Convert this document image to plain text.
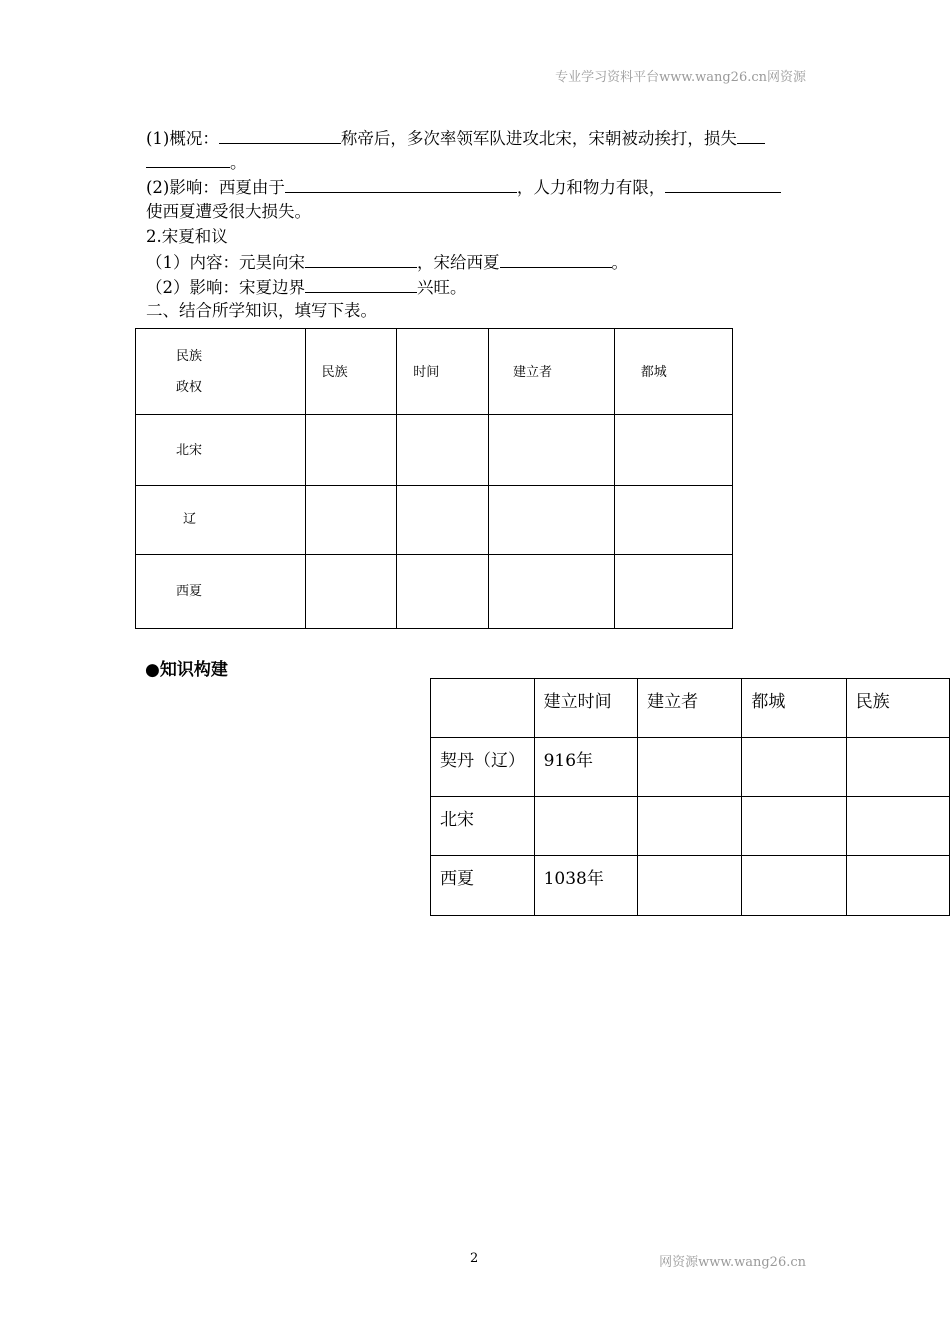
专业学习资料平台www.wang26.cn网资源
(1)概况：	称帝后，多次率领军队进攻北宋，宋朝被动挨打，损失
。
(2)影响：西夏由于	，人力和物力有限，
使西夏遭受很大损失。
2.宋夏和议
（1）内容：元昊向宋	，宋给西夏	。
（2）影响：宋夏边界	兴旺。
二、结合所学知识，填写下表。
民族
政权	民族	时间	建立者	都城
北宋				
辽				
西夏				
●知识构建
	建立时间	建立者	都城	民族
契丹（辽）	916年			
北宋				
西夏	1038年			
2	网资源www.wang26.cn
